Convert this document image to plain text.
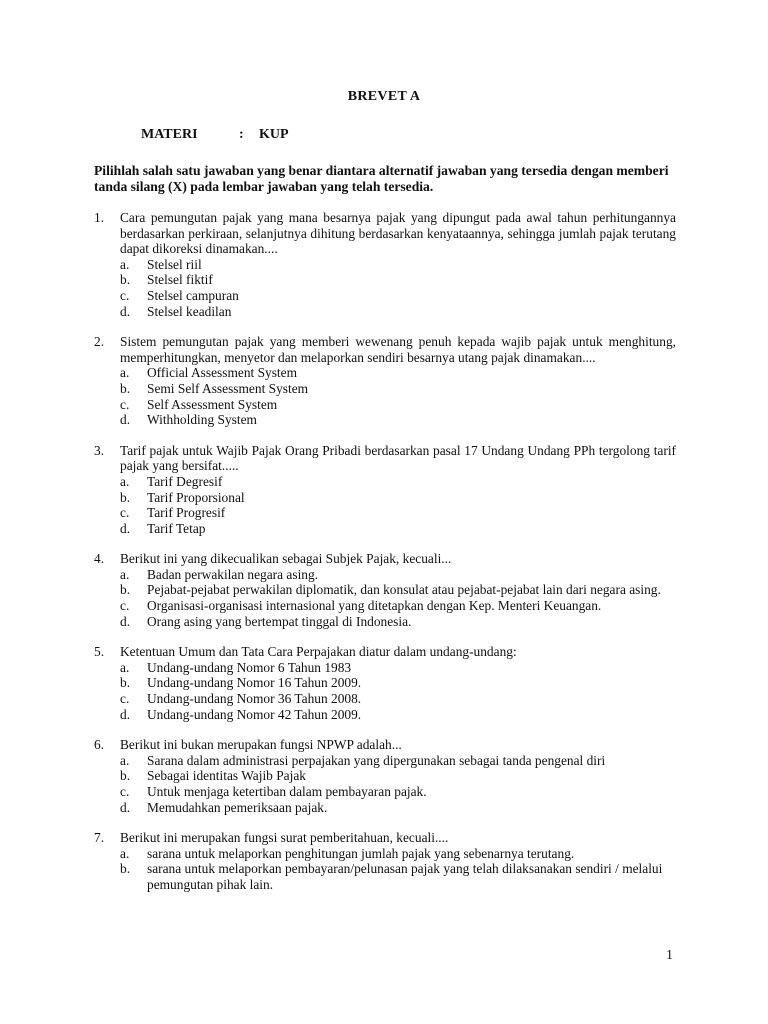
BREVET A
MATERI	: KUP
Pilihlah salah satu jawaban yang benar diantara alternatif jawaban yang tersedia dengan memberi tanda silang (X) pada lembar jawaban yang telah tersedia.
1.	Cara pemungutan pajak yang mana besarnya pajak yang dipungut pada awal tahun perhitungannya berdasarkan perkiraan, selanjutnya dihitung berdasarkan kenyataannya, sehingga jumlah pajak terutang dapat dikoreksi dinamakan....
a.	Stelsel riil
b.	Stelsel fiktif
c.	Stelsel campuran
d.	Stelsel keadilan
2.	Sistem pemungutan pajak yang memberi wewenang penuh kepada wajib pajak untuk menghitung, memperhitungkan, menyetor dan melaporkan sendiri besarnya utang pajak dinamakan....
a.	Official Assessment System
b.	Semi Self Assessment System
c.	Self Assessment System
d.	Withholding System
3.	Tarif pajak untuk Wajib Pajak Orang Pribadi berdasarkan pasal 17 Undang Undang PPh tergolong tarif pajak yang bersifat.....
a.	Tarif Degresif
b.	Tarif Proporsional
c.	Tarif Progresif
d.	Tarif Tetap
4.	Berikut ini yang dikecualikan sebagai Subjek Pajak, kecuali...
a.	Badan perwakilan negara asing.
b.	Pejabat-pejabat perwakilan diplomatik, dan konsulat atau pejabat-pejabat lain dari negara asing.
c.	Organisasi-organisasi internasional yang ditetapkan dengan Kep. Menteri Keuangan.
d.	Orang asing yang bertempat tinggal di Indonesia.
5.	Ketentuan Umum dan Tata Cara Perpajakan diatur dalam undang-undang:
a.	Undang-undang Nomor 6 Tahun 1983
b.	Undang-undang Nomor 16 Tahun 2009.
c.	Undang-undang Nomor 36 Tahun 2008.
d.	Undang-undang Nomor 42 Tahun 2009.
6.	Berikut ini bukan merupakan fungsi NPWP adalah...
a.	Sarana dalam administrasi perpajakan yang dipergunakan sebagai tanda pengenal diri
b.	Sebagai identitas Wajib Pajak
c.	Untuk menjaga ketertiban dalam pembayaran pajak.
d.	Memudahkan pemeriksaan pajak.
7.	Berikut ini merupakan fungsi surat pemberitahuan, kecuali....
a.	sarana untuk melaporkan penghitungan jumlah pajak yang sebenarnya terutang.
b.	sarana untuk melaporkan pembayaran/pelunasan pajak yang telah dilaksanakan sendiri / melalui pemungutan pihak lain.
1
